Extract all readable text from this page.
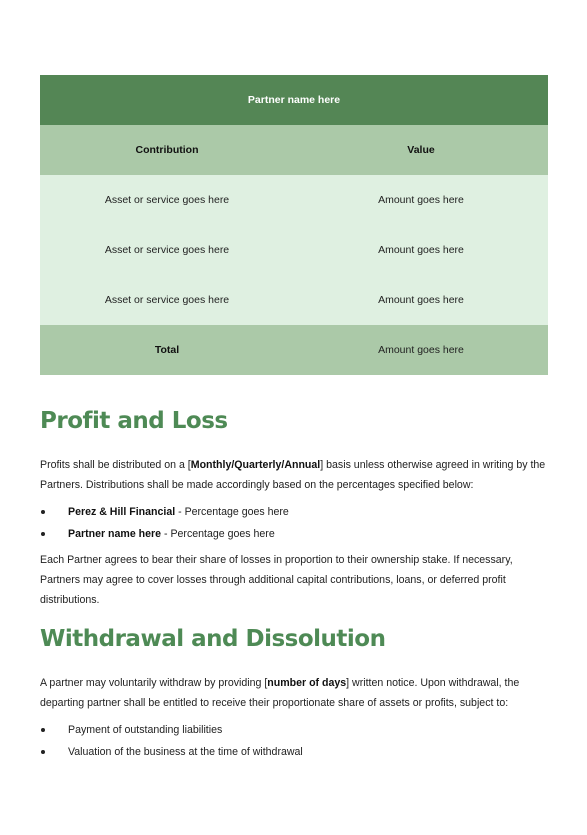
Partner name here	
Contribution	Value
Asset or service goes here	Amount goes here
Asset or service goes here	Amount goes here
Asset or service goes here	Amount goes here
Total	Amount goes here
Profit and Loss

Profits shall be distributed on a [Monthly/Quarterly/Annual] basis unless otherwise agreed in writing by the Partners. Distributions shall be made accordingly based on the percentages specified below:

Perez & Hill Financial - Percentage goes here
Partner name here - Percentage goes here

Each Partner agrees to bear their share of losses in proportion to their ownership stake. If necessary, Partners may agree to cover losses through additional capital contributions, loans, or deferred profit distributions.

Withdrawal and Dissolution

A partner may voluntarily withdraw by providing [number of days] written notice. Upon withdrawal, the departing partner shall be entitled to receive their proportionate share of assets or profits, subject to:

Payment of outstanding liabilities
Valuation of the business at the time of withdrawal
